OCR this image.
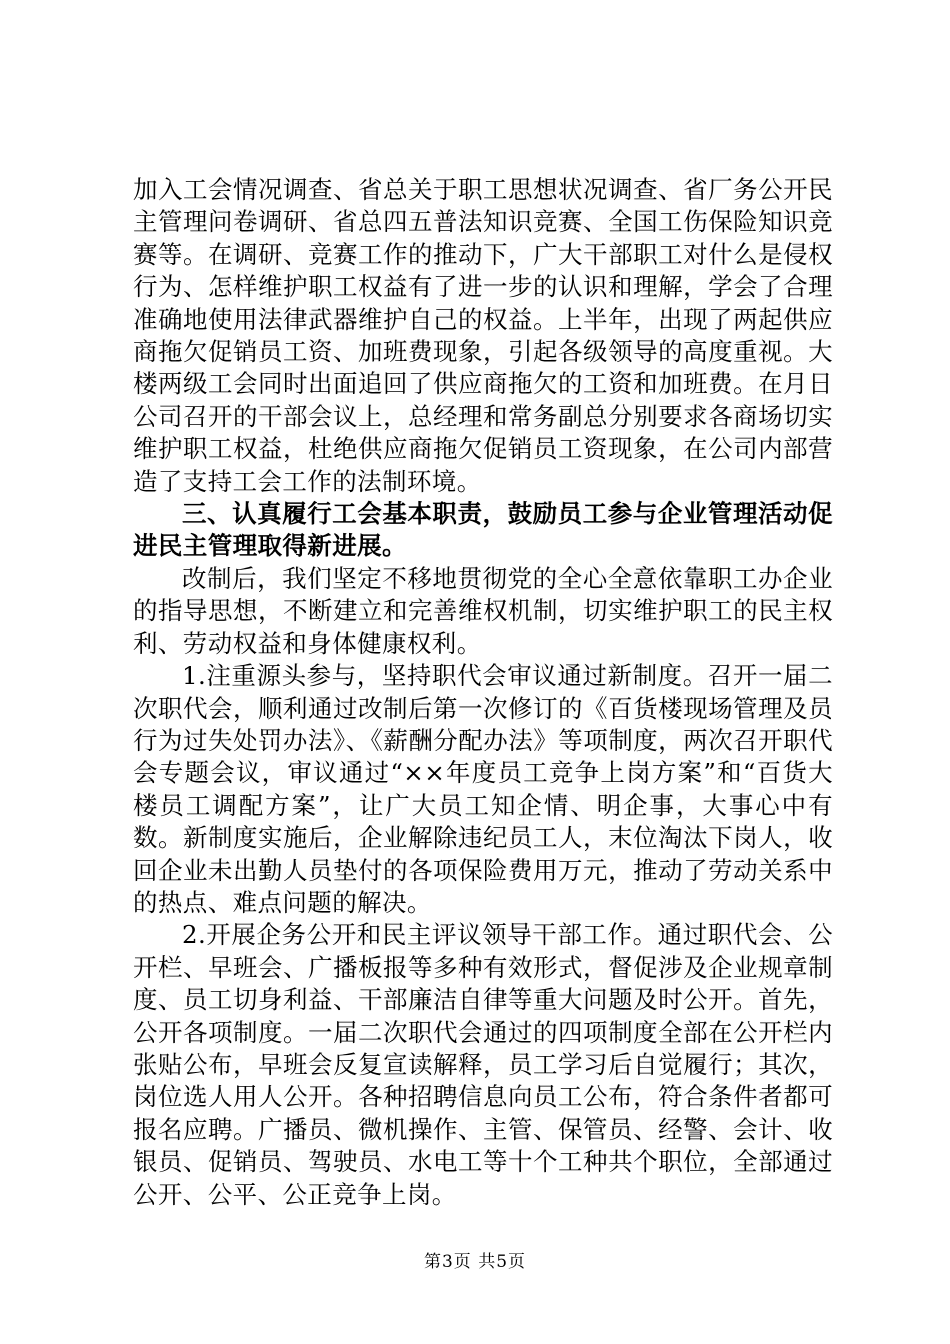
加入工会情况调查、省总关于职工思想状况调查、省厂务公开民主管理问卷调研、省总四五普法知识竞赛、全国工伤保险知识竞赛等。在调研、竞赛工作的推动下，广大干部职工对什么是侵权行为、怎样维护职工权益有了进一步的认识和理解，学会了合理准确地使用法律武器维护自己的权益。上半年，出现了两起供应商拖欠促销员工资、加班费现象，引起各级领导的高度重视。大楼两级工会同时出面追回了供应商拖欠的工资和加班费。在月日公司召开的干部会议上，总经理和常务副总分别要求各商场切实维护职工权益，杜绝供应商拖欠促销员工资现象，在公司内部营造了支持工会工作的法制环境。

三、认真履行工会基本职责，鼓励员工参与企业管理活动促进民主管理取得新进展。

改制后，我们坚定不移地贯彻党的全心全意依靠职工办企业的指导思想，不断建立和完善维权机制，切实维护职工的民主权利、劳动权益和身体健康权利。

1.注重源头参与，坚持职代会审议通过新制度。召开一届二次职代会，顺利通过改制后第一次修订的《百货楼现场管理及员行为过失处罚办法》、《薪酬分配办法》等项制度，两次召开职代会专题会议，审议通过“××年度员工竞争上岗方案”和“百货大楼员工调配方案”，让广大员工知企情、明企事，大事心中有数。新制度实施后，企业解除违纪员工人，末位淘汰下岗人，收回企业未出勤人员垫付的各项保险费用万元，推动了劳动关系中的热点、难点问题的解决。

2.开展企务公开和民主评议领导干部工作。通过职代会、公开栏、早班会、广播板报等多种有效形式，督促涉及企业规章制度、员工切身利益、干部廉洁自律等重大问题及时公开。首先，公开各项制度。一届二次职代会通过的四项制度全部在公开栏内张贴公布，早班会反复宣读解释，员工学习后自觉履行；其次，岗位选人用人公开。各种招聘信息向员工公布，符合条件者都可报名应聘。广播员、微机操作、主管、保管员、经警、会计、收银员、促销员、驾驶员、水电工等十个工种共个职位，全部通过公开、公平、公正竞争上岗。

第3页 共5页
